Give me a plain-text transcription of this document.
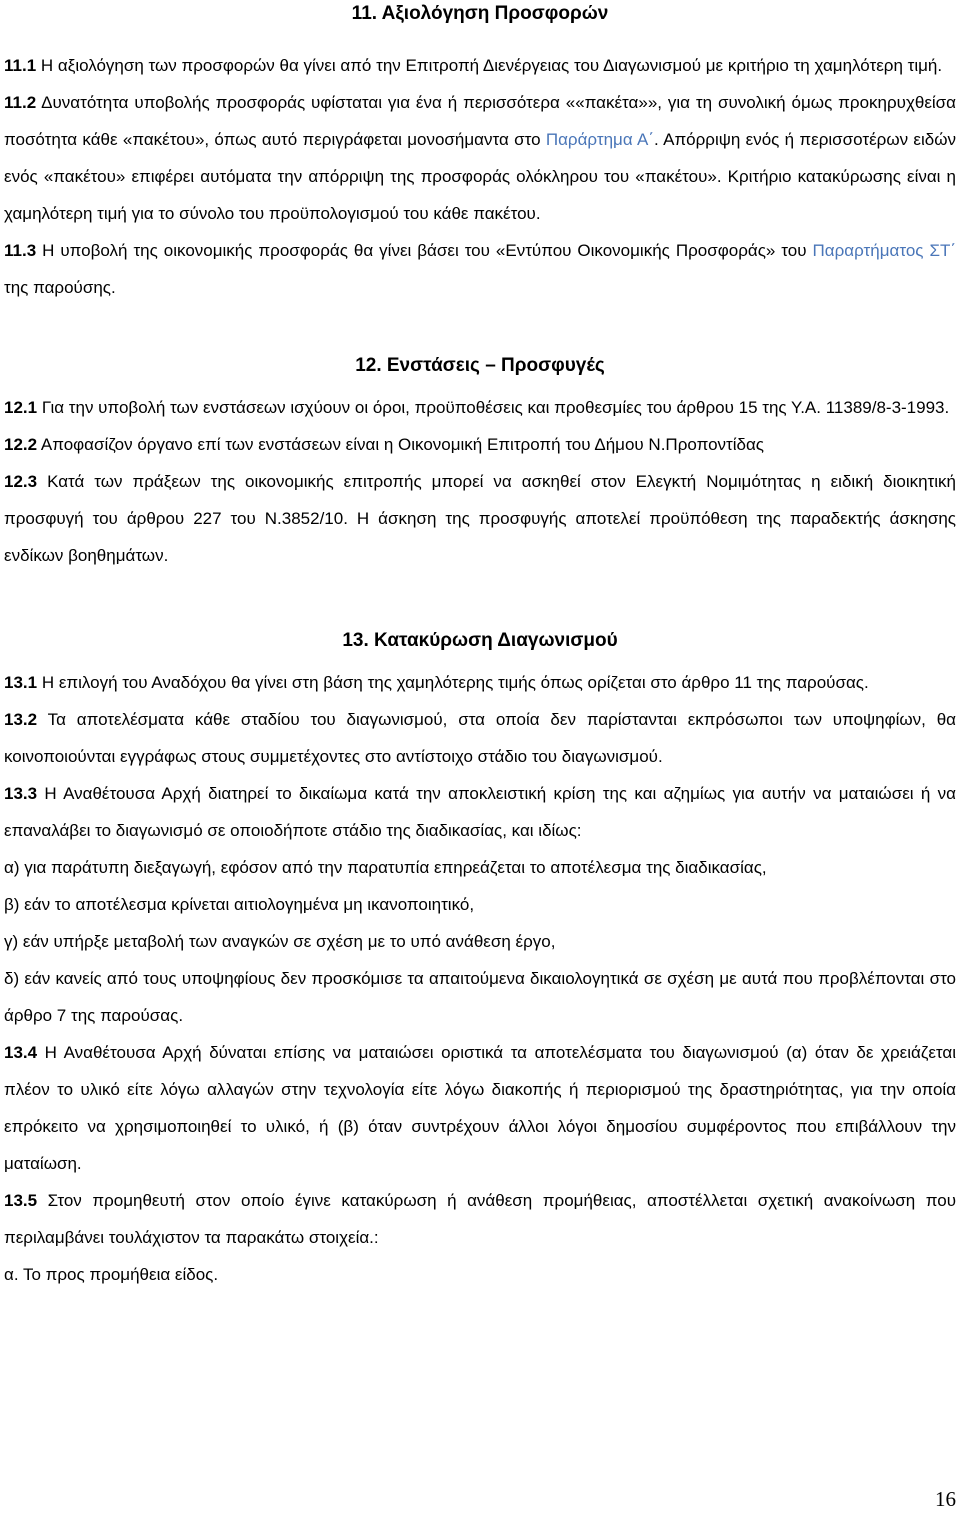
11. Αξιολόγηση Προσφορών

11.1 Η αξιολόγηση των προσφορών θα γίνει από την Επιτροπή Διενέργειας του Διαγωνισμού με κριτήριο τη χαμηλότερη τιμή.

11.2 Δυνατότητα υποβολής προσφοράς υφίσταται για ένα ή περισσότερα ««πακέτα»», για τη συνολική όμως προκηρυχθείσα ποσότητα κάθε «πακέτου», όπως αυτό περιγράφεται μονοσήμαντα στο Παράρτημα Α΄. Απόρριψη ενός ή περισσοτέρων ειδών ενός «πακέτου» επιφέρει αυτόματα την απόρριψη της προσφοράς ολόκληρου του «πακέτου». Κριτήριο κατακύρωσης είναι η χαμηλότερη τιμή για το σύνολο του προϋπολογισμού του κάθε πακέτου.

11.3 Η υποβολή της οικονομικής προσφοράς θα γίνει βάσει του «Εντύπου Οικονομικής Προσφοράς» του Παραρτήματος ΣΤ΄ της παρούσης.

12. Ενστάσεις – Προσφυγές

12.1 Για την υποβολή των ενστάσεων ισχύουν οι όροι, προϋποθέσεις και προθεσμίες του άρθρου 15 της Υ.Α. 11389/8-3-1993.

12.2 Αποφασίζον όργανο επί των ενστάσεων είναι η Οικονομική Επιτροπή του Δήμου Ν.Προποντίδας

12.3 Κατά των πράξεων της οικονομικής επιτροπής μπορεί να ασκηθεί στον Ελεγκτή Νομιμότητας η ειδική διοικητική προσφυγή του άρθρου 227 του Ν.3852/10. Η άσκηση της προσφυγής αποτελεί προϋπόθεση της παραδεκτής άσκησης ενδίκων βοηθημάτων.

13. Κατακύρωση Διαγωνισμού

13.1 Η επιλογή του Αναδόχου θα γίνει στη βάση της χαμηλότερης τιμής όπως ορίζεται στο άρθρο 11 της παρούσας.

13.2 Τα αποτελέσματα κάθε σταδίου του διαγωνισμού, στα οποία δεν παρίστανται εκπρόσωποι των υποψηφίων, θα κοινοποιούνται εγγράφως στους συμμετέχοντες στο αντίστοιχο στάδιο του διαγωνισμού.

13.3 Η Αναθέτουσα Αρχή διατηρεί το δικαίωμα κατά την αποκλειστική κρίση της και αζημίως για αυτήν να ματαιώσει ή να επαναλάβει το διαγωνισμό σε οποιοδήποτε στάδιο της διαδικασίας, και ιδίως:

α) για παράτυπη διεξαγωγή, εφόσον από την παρατυπία επηρεάζεται το αποτέλεσμα της διαδικασίας,

β) εάν το αποτέλεσμα κρίνεται αιτιολογημένα μη ικανοποιητικό,

γ) εάν υπήρξε μεταβολή των αναγκών σε σχέση με το υπό ανάθεση έργο,

δ) εάν κανείς από τους υποψηφίους δεν προσκόμισε τα απαιτούμενα δικαιολογητικά σε σχέση με αυτά που προβλέπονται στο άρθρο 7 της παρούσας.

13.4 Η Αναθέτουσα Αρχή δύναται επίσης να ματαιώσει οριστικά τα αποτελέσματα του διαγωνισμού (α) όταν δε χρειάζεται πλέον το υλικό είτε λόγω αλλαγών στην τεχνολογία είτε λόγω διακοπής ή περιορισμού της δραστηριότητας, για την οποία επρόκειτο να χρησιμοποιηθεί το υλικό, ή (β) όταν συντρέχουν άλλοι λόγοι δημοσίου συμφέροντος που επιβάλλουν την ματαίωση.

13.5 Στον προμηθευτή στον οποίο έγινε κατακύρωση ή ανάθεση προμήθειας, αποστέλλεται σχετική ανακοίνωση που περιλαμβάνει τουλάχιστον τα παρακάτω στοιχεία.:

α. Το προς προμήθεια είδος.

16
